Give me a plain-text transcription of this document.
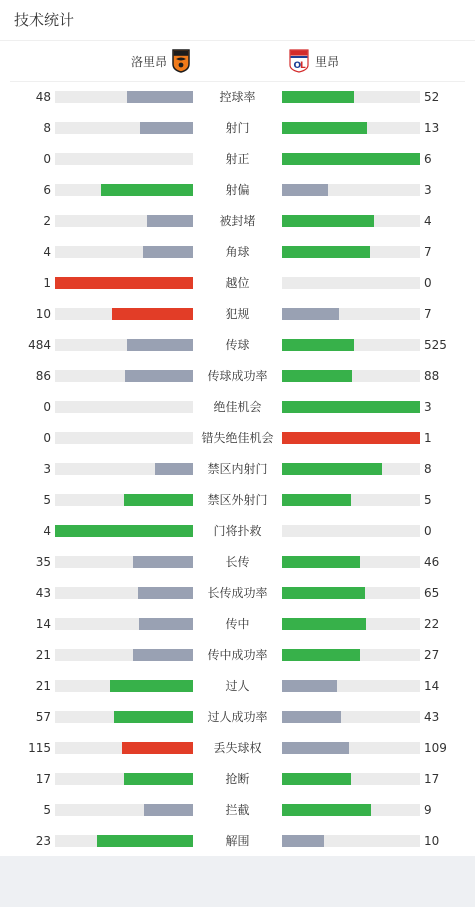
技术统计
洛里昂	O
L 里昂
48	控球率	52
8	射门	13
0	射正	6
6	射偏	3
2	被封堵	4
4	角球	7
1	越位	0
10	犯规	7
484	传球	525
86	传球成功率	88
0	绝佳机会	3
0	错失绝佳机会	1
3	禁区内射门	8
5	禁区外射门	5
4	门将扑救	0
35	长传	46
43	长传成功率	65
14	传中	22
21	传中成功率	27
21	过人	14
57	过人成功率	43
115	丢失球权	109
17	抢断	17
5	拦截	9
23	解围	10
